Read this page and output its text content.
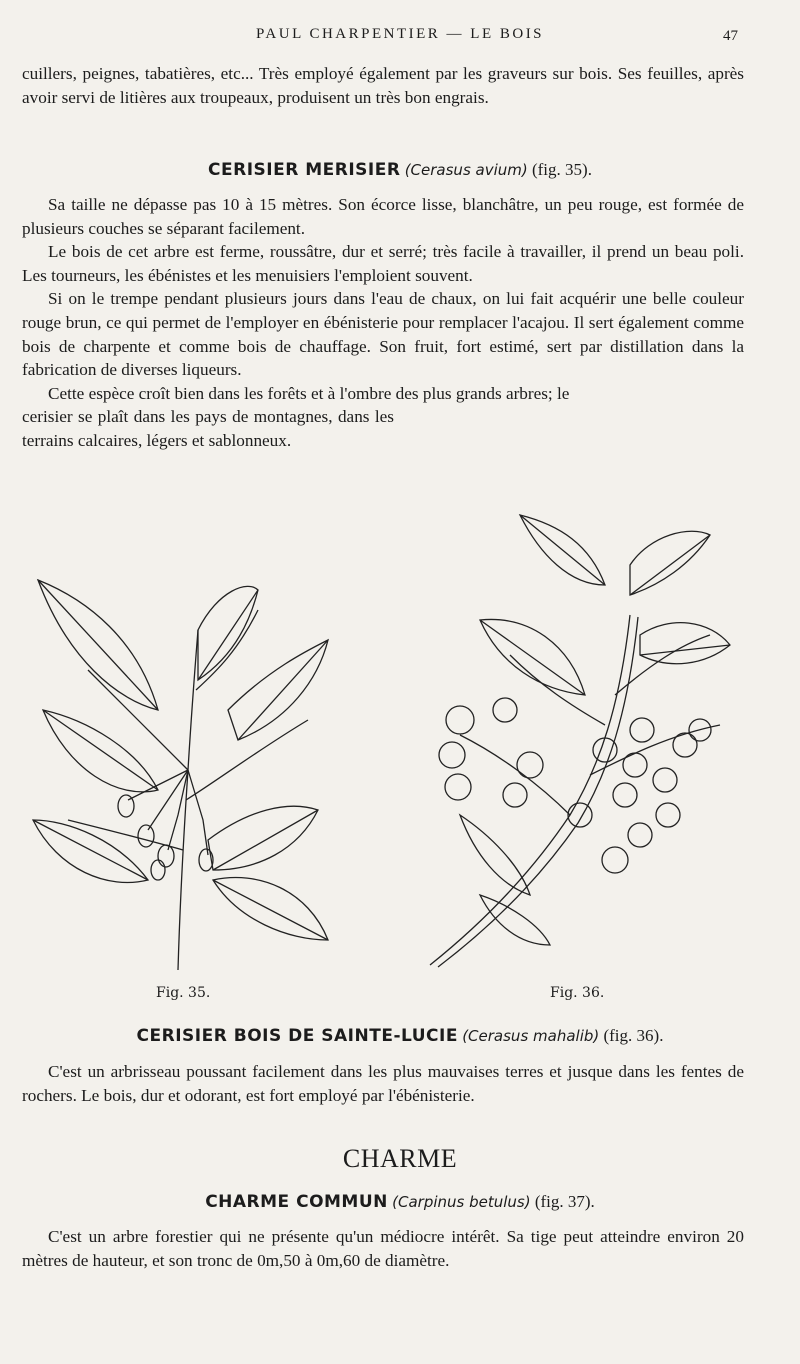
PAUL CHARPENTIER — LE BOIS	47

cuillers, peignes, tabatières, etc... Très employé également par les graveurs sur bois. Ses feuilles, après avoir servi de litières aux troupeaux, produisent un très bon engrais.

CERISIER MERISIER (Cerasus avium) (fig. 35).

Sa taille ne dépasse pas 10 à 15 mètres. Son écorce lisse, blanchâtre, un peu rouge, est formée de plusieurs couches se séparant facilement.

Le bois de cet arbre est ferme, roussâtre, dur et serré; très facile à travailler, il prend un beau poli. Les tourneurs, les ébénistes et les menuisiers l'emploient souvent.

Si on le trempe pendant plusieurs jours dans l'eau de chaux, on lui fait acquérir une belle couleur rouge brun, ce qui permet de l'employer en ébénisterie pour remplacer l'acajou. Il sert également comme bois de charpente et comme bois de chauffage. Son fruit, fort estimé, sert par distillation dans la fabrication de diverses liqueurs.

Cette espèce croît bien dans les forêts et à l'ombre des plus grands arbres; le

cerisier se plaît dans les pays de montagnes, dans les terrains calcaires, légers et sablonneux.

Fig. 35.	Fig. 36.
CERISIER BOIS DE SAINTE-LUCIE (Cerasus mahalib) (fig. 36).

C'est un arbrisseau poussant facilement dans les plus mauvaises terres et jusque dans les fentes de rochers. Le bois, dur et odorant, est fort employé par l'ébénisterie.

CHARME
CHARME COMMUN (Carpinus betulus) (fig. 37).

C'est un arbre forestier qui ne présente qu'un médiocre intérêt. Sa tige peut atteindre environ 20 mètres de hauteur, et son tronc de 0m,50 à 0m,60 de diamètre.
